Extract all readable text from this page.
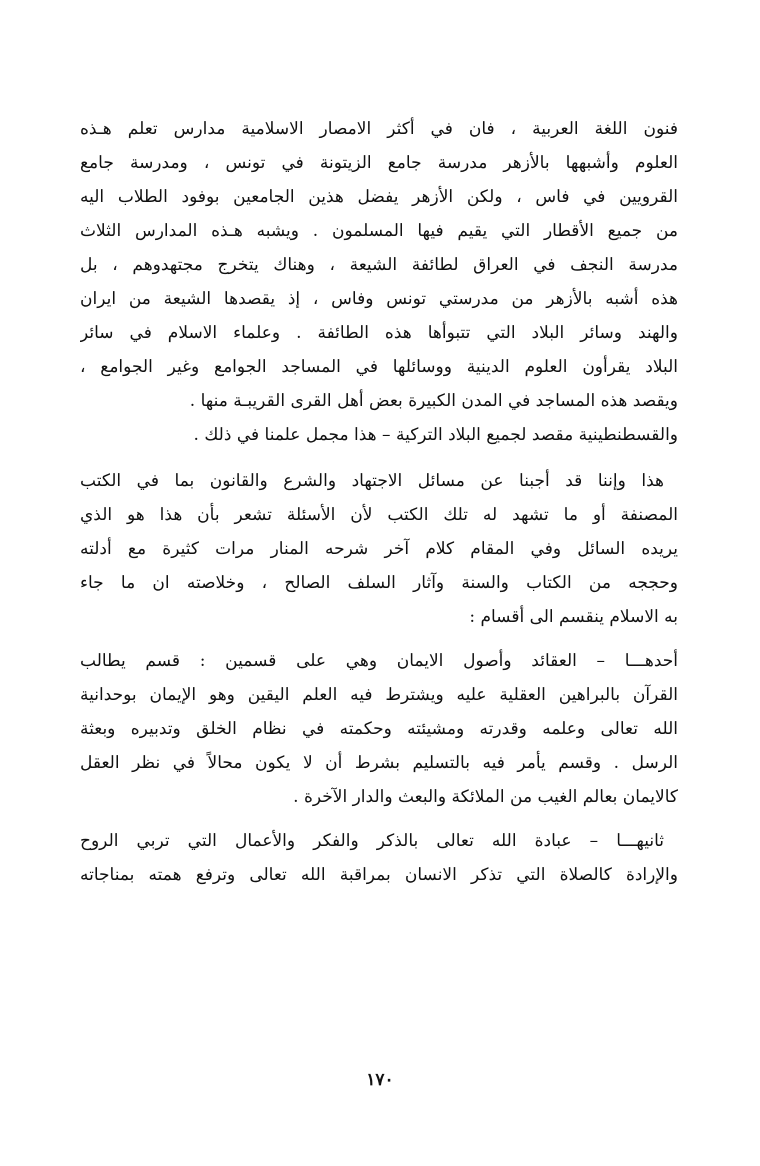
فنون اللغة العربية ، فان في أكثر الامصار الاسلامية مدارس تعلم هـذه
العلوم وأشبهها بالأزهر مدرسة جامع الزيتونة في تونس ، ومدرسة جامع
القرويين في فاس ، ولكن الأزهر يفضل هذين الجامعين بوفود الطلاب اليه
من جميع الأقطار التي يقيم فيها المسلمون . ويشبه هـذه المدارس الثلاث
مدرسة النجف في العراق لطائفة الشيعة ، وهناك يتخرج مجتهدوهم ، بل
هذه أشبه بالأزهر من مدرستي تونس وفاس ، إذ يقصدها الشيعة من ايران
والهند وسائر البلاد التي تتبوأها هذه الطائفة . وعلماء الاسلام في سائر
البلاد يقرأون العلوم الدينية ووسائلها في المساجد الجوامع وغير الجوامع ،
ويقصد هذه المساجد في المدن الكبيرة بعض أهل القرى القريبـة منها .
والقسطنطينية مقصد لجميع البلاد التركية – هذا مجمل علمنا في ذلك .
هذا وإننا قد أجبنا عن مسائل الاجتهاد والشرع والقانون بما في الكتب
المصنفة أو ما تشهد له تلك الكتب لأن الأسئلة تشعر بأن هذا هو الذي
يريده السائل وفي المقام كلام آخر شرحه المنار مرات كثيرة مع أدلته
وحججه من الكتاب والسنة وآثار السلف الصالح ، وخلاصته ان ما جاء
به الاسلام ينقسم الى أقسام :
أحدهـــا – العقائد وأصول الايمان وهي على قسمين : قسم يطالب
القرآن بالبراهين العقلية عليه ويشترط فيه العلم اليقين وهو الإيمان بوحدانية
الله تعالى وعلمه وقدرته ومشيئته وحكمته في نظام الخلق وتدبيره وبعثة
الرسل . وقسم يأمر فيه بالتسليم بشرط أن لا يكون محالاً في نظر العقل
كالايمان بعالم الغيب من الملائكة والبعث والدار الآخرة .
ثانيهـــا – عبادة الله تعالى بالذكر والفكر والأعمال التي تربي الروح
والإرادة كالصلاة التي تذكر الانسان بمراقبة الله تعالى وترفع همته بمناجاته
١٧٠
